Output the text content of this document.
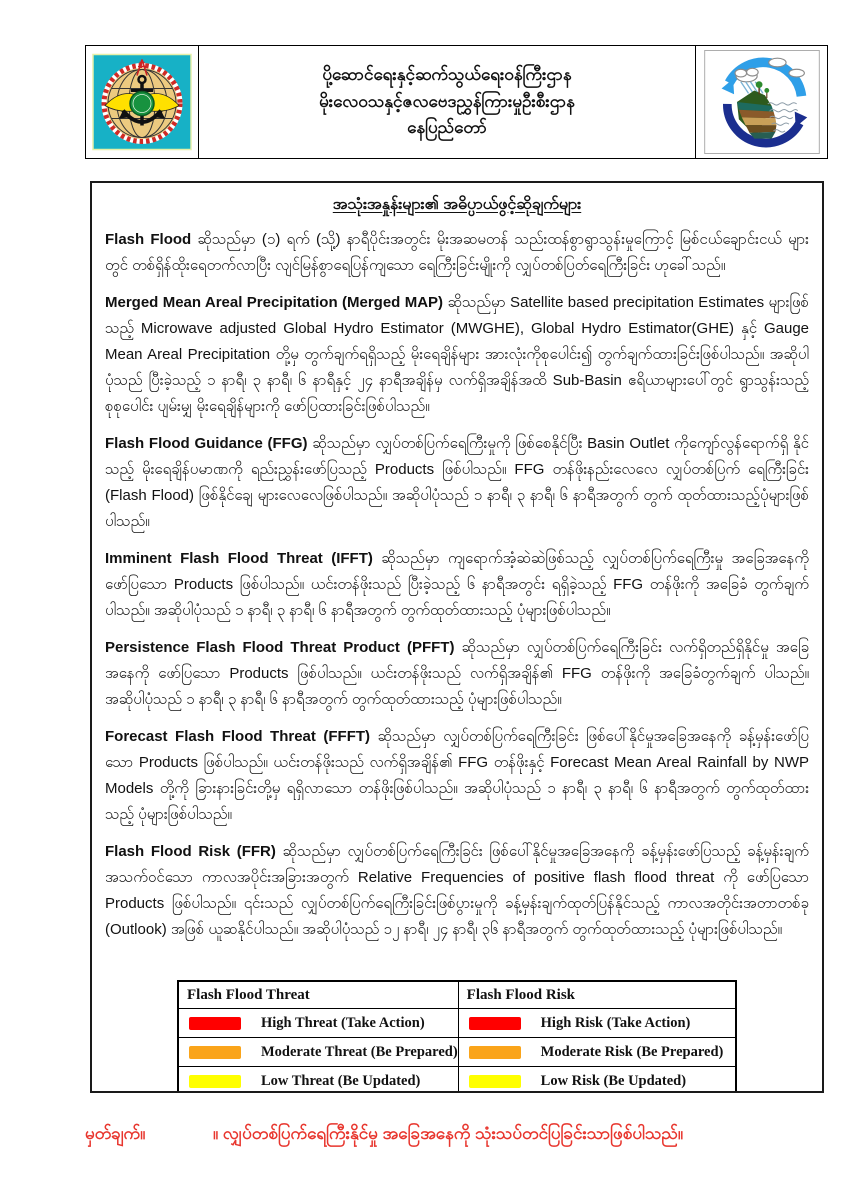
ပို့ဆောင်ရေးနှင့်ဆက်သွယ်ရေးဝန်ကြီးဌာန
မိုးလေဝသနှင့်ဇလဗေဒညွှန်ကြားမှုဦးစီးဌာန
နေပြည်တော်
အသုံးအနှုန်းများ၏ အဓိပ္ပာယ်ဖွင့်ဆိုချက်များ

Flash Flood ဆိုသည်မှာ (၁) ရက် (သို့) နာရီပိုင်းအတွင်း မိုးအဆမတန် သည်းထန်စွာရွာသွန်းမှုကြောင့် မြစ်ငယ်ချောင်းငယ် များတွင် တစ်ရှိန်ထိုးရေတက်လာပြီး လျင်မြန်စွာရေပြန်ကျသော ရေကြီးခြင်းမျိုးကို လျှပ်တစ်ပြတ်ရေကြီးခြင်း ဟုခေါ်သည်။

Merged Mean Areal Precipitation (Merged MAP) ဆိုသည်မှာ Satellite based precipitation Estimates များဖြစ်သည့် Microwave adjusted Global Hydro Estimator (MWGHE), Global Hydro Estimator(GHE) နှင့် Gauge Mean Areal Precipitation တို့မှ တွက်ချက်ရရှိသည့် မိုးရေချိန်များ အားလုံးကိုစုပေါင်း၍ တွက်ချက်ထားခြင်းဖြစ်ပါသည်။ အဆိုပါ ပုံသည် ပြီးခဲ့သည့် ၁ နာရီ၊ ၃ နာရီ၊ ၆ နာရီနှင့် ၂၄ နာရီအချိန်မှ လက်ရှိအချိန်အထိ Sub-Basin ဧရိယာများပေါ်တွင် ရွာသွန်းသည့် စုစုပေါင်း ပျမ်းမျှ မိုးရေချိန်များကို ဖော်ပြထားခြင်းဖြစ်ပါသည်။

Flash Flood Guidance (FFG) ဆိုသည်မှာ လျှပ်တစ်ပြက်ရေကြီးမှုကို ဖြစ်စေနိုင်ပြီး Basin Outlet ကိုကျော်လွန်ရောက်ရှိ နိုင်သည့် မိုးရေချိန်ပမာဏကို ရည်းညွှန်းဖော်ပြသည့် Products ဖြစ်ပါသည်။ FFG တန်ဖိုးနည်းလေလေ လျှပ်တစ်ပြက် ရေကြီးခြင်း (Flash Flood) ဖြစ်နိုင်ချေ များလေလေဖြစ်ပါသည်။ အဆိုပါပုံသည် ၁ နာရီ၊ ၃ နာရီ၊ ၆ နာရီအတွက် တွက် ထုတ်ထားသည့်ပုံများဖြစ်ပါသည်။

Imminent Flash Flood Threat (IFFT) ဆိုသည်မှာ ကျရောက်အံ့ဆဲဆဲဖြစ်သည့် လျှပ်တစ်ပြက်ရေကြီးမှု အခြေအနေကို ဖော်ပြသော Products ဖြစ်ပါသည်။ ယင်းတန်ဖိုးသည် ပြီးခဲ့သည့် ၆ နာရီအတွင်း ရရှိခဲ့သည့် FFG တန်ဖိုးကို အခြေခံ တွက်ချက်ပါသည်။ အဆိုပါပုံသည် ၁ နာရီ၊ ၃ နာရီ၊ ၆ နာရီအတွက် တွက်ထုတ်ထားသည့် ပုံများဖြစ်ပါသည်။

Persistence Flash Flood Threat Product (PFFT) ဆိုသည်မှာ လျှပ်တစ်ပြက်ရေကြီးခြင်း လက်ရှိတည်ရှိနိုင်မှု အခြေ အနေကို ဖော်ပြသော Products ဖြစ်ပါသည်။ ယင်းတန်ဖိုးသည် လက်ရှိအချိန်၏ FFG တန်ဖိုးကို အခြေခံတွက်ချက် ပါသည်။ အဆိုပါပုံသည် ၁ နာရီ၊ ၃ နာရီ၊ ၆ နာရီအတွက် တွက်ထုတ်ထားသည့် ပုံများဖြစ်ပါသည်။

Forecast Flash Flood Threat (FFFT) ဆိုသည်မှာ လျှပ်တစ်ပြက်ရေကြီးခြင်း ဖြစ်ပေါ်နိုင်မှုအခြေအနေကို ခန့်မှန်းဖော်ပြ သော Products ဖြစ်ပါသည်။ ယင်းတန်ဖိုးသည် လက်ရှိအချိန်၏ FFG တန်ဖိုးနှင့် Forecast Mean Areal Rainfall by NWP Models တို့ကို ခြားနားခြင်းတို့မှ ရရှိလာသော တန်ဖိုးဖြစ်ပါသည်။ အဆိုပါပုံသည် ၁ နာရီ၊ ၃ နာရီ၊ ၆ နာရီအတွက် တွက်ထုတ်ထားသည့် ပုံများဖြစ်ပါသည်။

Flash Flood Risk (FFR) ဆိုသည်မှာ လျှပ်တစ်ပြက်ရေကြီးခြင်း ဖြစ်ပေါ်နိုင်မှုအခြေအနေကို ခန့်မှန်းဖော်ပြသည့် ခန့်မှန်းချက် အသက်ဝင်သော ကာလအပိုင်းအခြားအတွက် Relative Frequencies of positive flash flood threat ကို ဖော်ပြသော Products ဖြစ်ပါသည်။ ၎င်းသည် လျှပ်တစ်ပြက်ရေကြီးခြင်းဖြစ်ပွားမှုကို ခန့်မှန်းချက်ထုတ်ပြန်နိုင်သည့် ကာလအတိုင်းအတာတစ်ခု (Outlook) အဖြစ် ယူဆနိုင်ပါသည်။ အဆိုပါပုံသည် ၁၂ နာရီ၊ ၂၄ နာရီ၊ ၃၆ နာရီအတွက် တွက်ထုတ်ထားသည့် ပုံများဖြစ်ပါသည်။

Flash Flood Threat	Flash Flood Risk

High Threat (Take Action)	High Risk (Take Action)

Moderate Threat (Be Prepared)	Moderate Risk (Be Prepared)

Low Threat (Be Updated)	Low Risk (Be Updated)
မှတ်ချက်။	။ လျှပ်တစ်ပြက်ရေကြီးနိုင်မှု အခြေအနေကို သုံးသပ်တင်ပြခြင်းသာဖြစ်ပါသည်။
